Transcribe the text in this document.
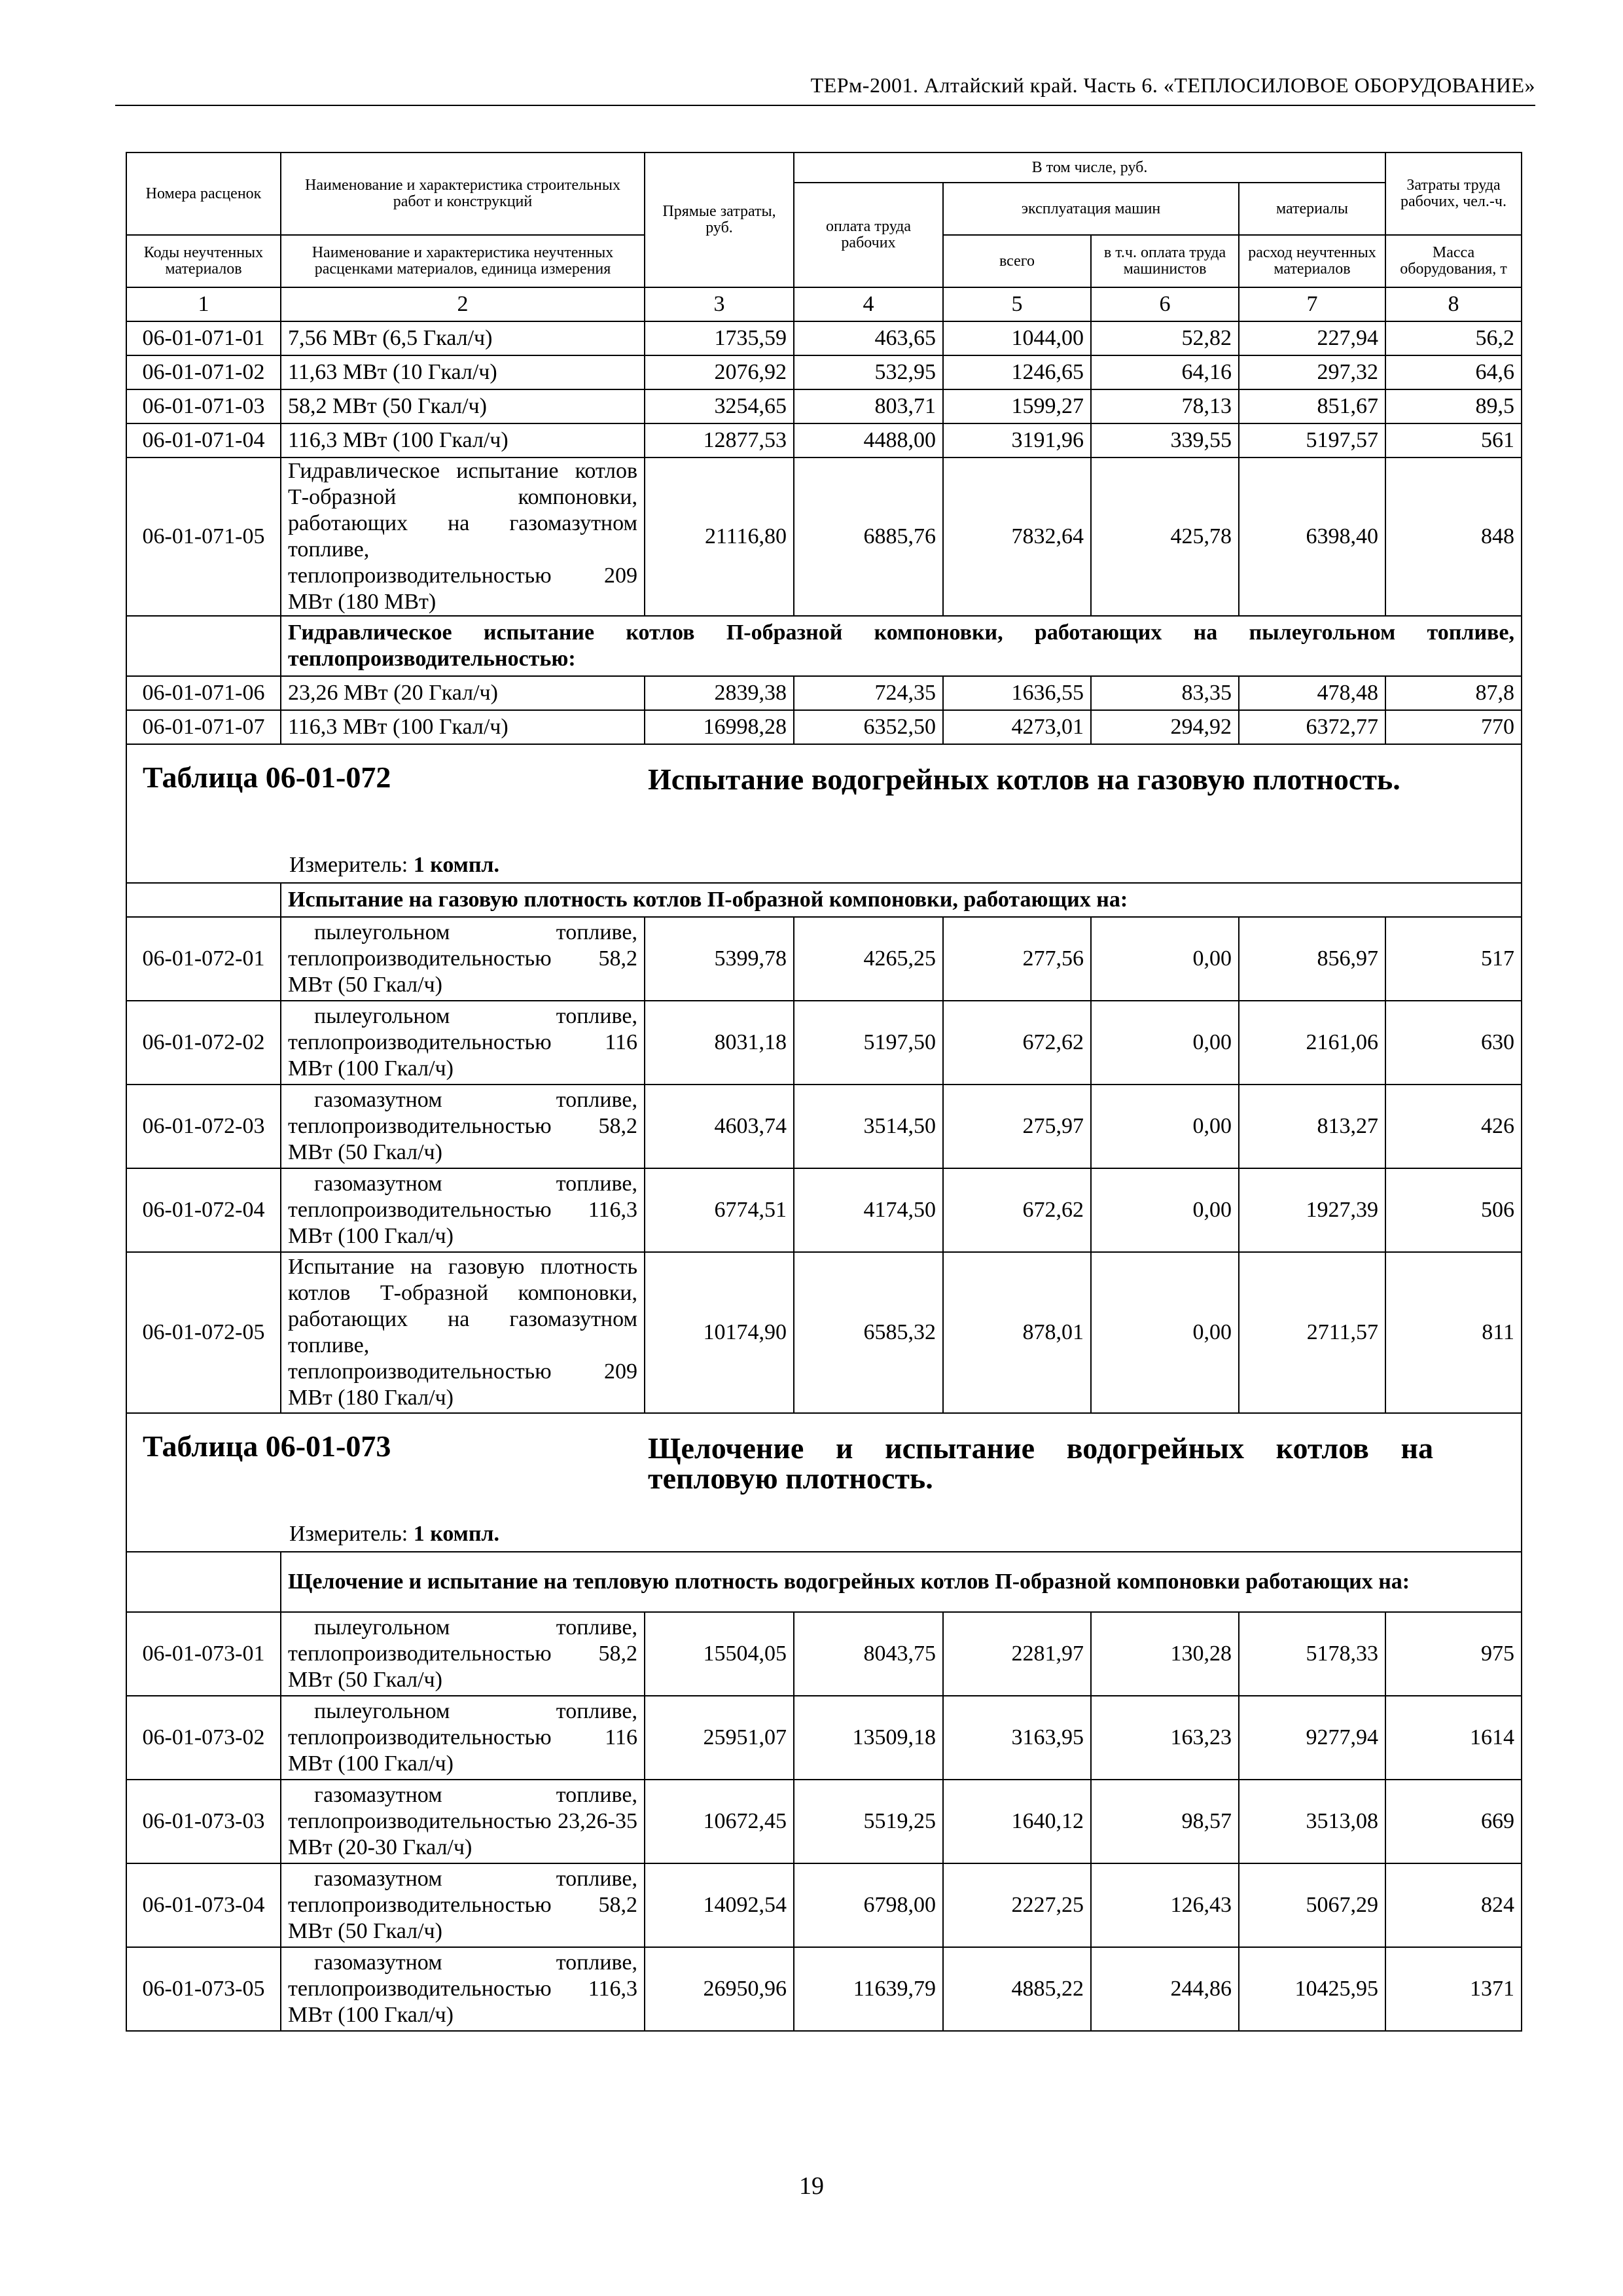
ТЕРм-2001. Алтайский край. Часть 6. «ТЕПЛОСИЛОВОЕ ОБОРУДОВАНИЕ»
Номера расценок	Наименование и характеристика строительных работ и конструкций	Прямые затраты, руб.	В том числе, руб.				Затраты труда рабочих, чел.-ч.
			оплата труда рабочих	эксплуатация машин		материалы	
Коды неучтенных материалов	Наименование и характеристика неучтенных расценками материалов, единица измерения			всего	в т.ч. оплата труда машинистов	расход неучтенных материалов	Масса оборудования, т
1	2	3	4	5	6	7	8
06-01-071-01	7,56 МВт (6,5 Гкал/ч)	1735,59	463,65	1044,00	52,82	227,94	56,2
06-01-071-02	11,63 МВт (10 Гкал/ч)	2076,92	532,95	1246,65	64,16	297,32	64,6
06-01-071-03	58,2 МВт (50 Гкал/ч)	3254,65	803,71	1599,27	78,13	851,67	89,5
06-01-071-04	116,3 МВт (100 Гкал/ч)	12877,53	4488,00	3191,96	339,55	5197,57	561
06-01-071-05	Гидравлическое испытание котлов Т-образной компоновки, работающих на газомазутном топливе, теплопроизводительностью 209 МВт (180 МВт)	21116,80	6885,76	7832,64	425,78	6398,40	848
	Гидравлическое испытание котлов П-образной компоновки, работающих на пылеугольном топливе, теплопроизводительностью:						
06-01-071-06	23,26 МВт (20 Гкал/ч)	2839,38	724,35	1636,55	83,35	478,48	87,8
06-01-071-07	116,3 МВт (100 Гкал/ч)	16998,28	6352,50	4273,01	294,92	6372,77	770

Таблица 06-01-072 Испытание водогрейных котлов на газовую плотность.
Измеритель: 1 компл.							

	Испытание на газовую плотность котлов П-образной компоновки, работающих на:						
06-01-072-01	пылеугольном топливе, теплопроизводительностью 58,2 МВт (50 Гкал/ч)	5399,78	4265,25	277,56	0,00	856,97	517
06-01-072-02	пылеугольном топливе, теплопроизводительностью 116 МВт (100 Гкал/ч)	8031,18	5197,50	672,62	0,00	2161,06	630
06-01-072-03	газомазутном топливе, теплопроизводительностью 58,2 МВт (50 Гкал/ч)	4603,74	3514,50	275,97	0,00	813,27	426
06-01-072-04	газомазутном топливе, теплопроизводительностью 116,3 МВт (100 Гкал/ч)	6774,51	4174,50	672,62	0,00	1927,39	506
06-01-072-05	Испытание на газовую плотность котлов Т-образной компоновки, работающих на газомазутном топливе, теплопроизводительностью 209 МВт (180 Гкал/ч)	10174,90	6585,32	878,01	0,00	2711,57	811

Таблица 06-01-073 Щелочение и испытание водогрейных котлов на тепловую плотность.
Измеритель: 1 компл.							

	Щелочение и испытание на тепловую плотность водогрейных котлов П-образной компоновки работающих на:						
06-01-073-01	пылеугольном топливе, теплопроизводительностью 58,2 МВт (50 Гкал/ч)	15504,05	8043,75	2281,97	130,28	5178,33	975
06-01-073-02	пылеугольном топливе, теплопроизводительностью 116 МВт (100 Гкал/ч)	25951,07	13509,18	3163,95	163,23	9277,94	1614
06-01-073-03	газомазутном топливе, теплопроизводительностью 23,26-35 МВт (20-30 Гкал/ч)	10672,45	5519,25	1640,12	98,57	3513,08	669
06-01-073-04	газомазутном топливе, теплопроизводительностью 58,2 МВт (50 Гкал/ч)	14092,54	6798,00	2227,25	126,43	5067,29	824
06-01-073-05	газомазутном топливе, теплопроизводительностью 116,3 МВт (100 Гкал/ч)	26950,96	11639,79	4885,22	244,86	10425,95	1371
19
